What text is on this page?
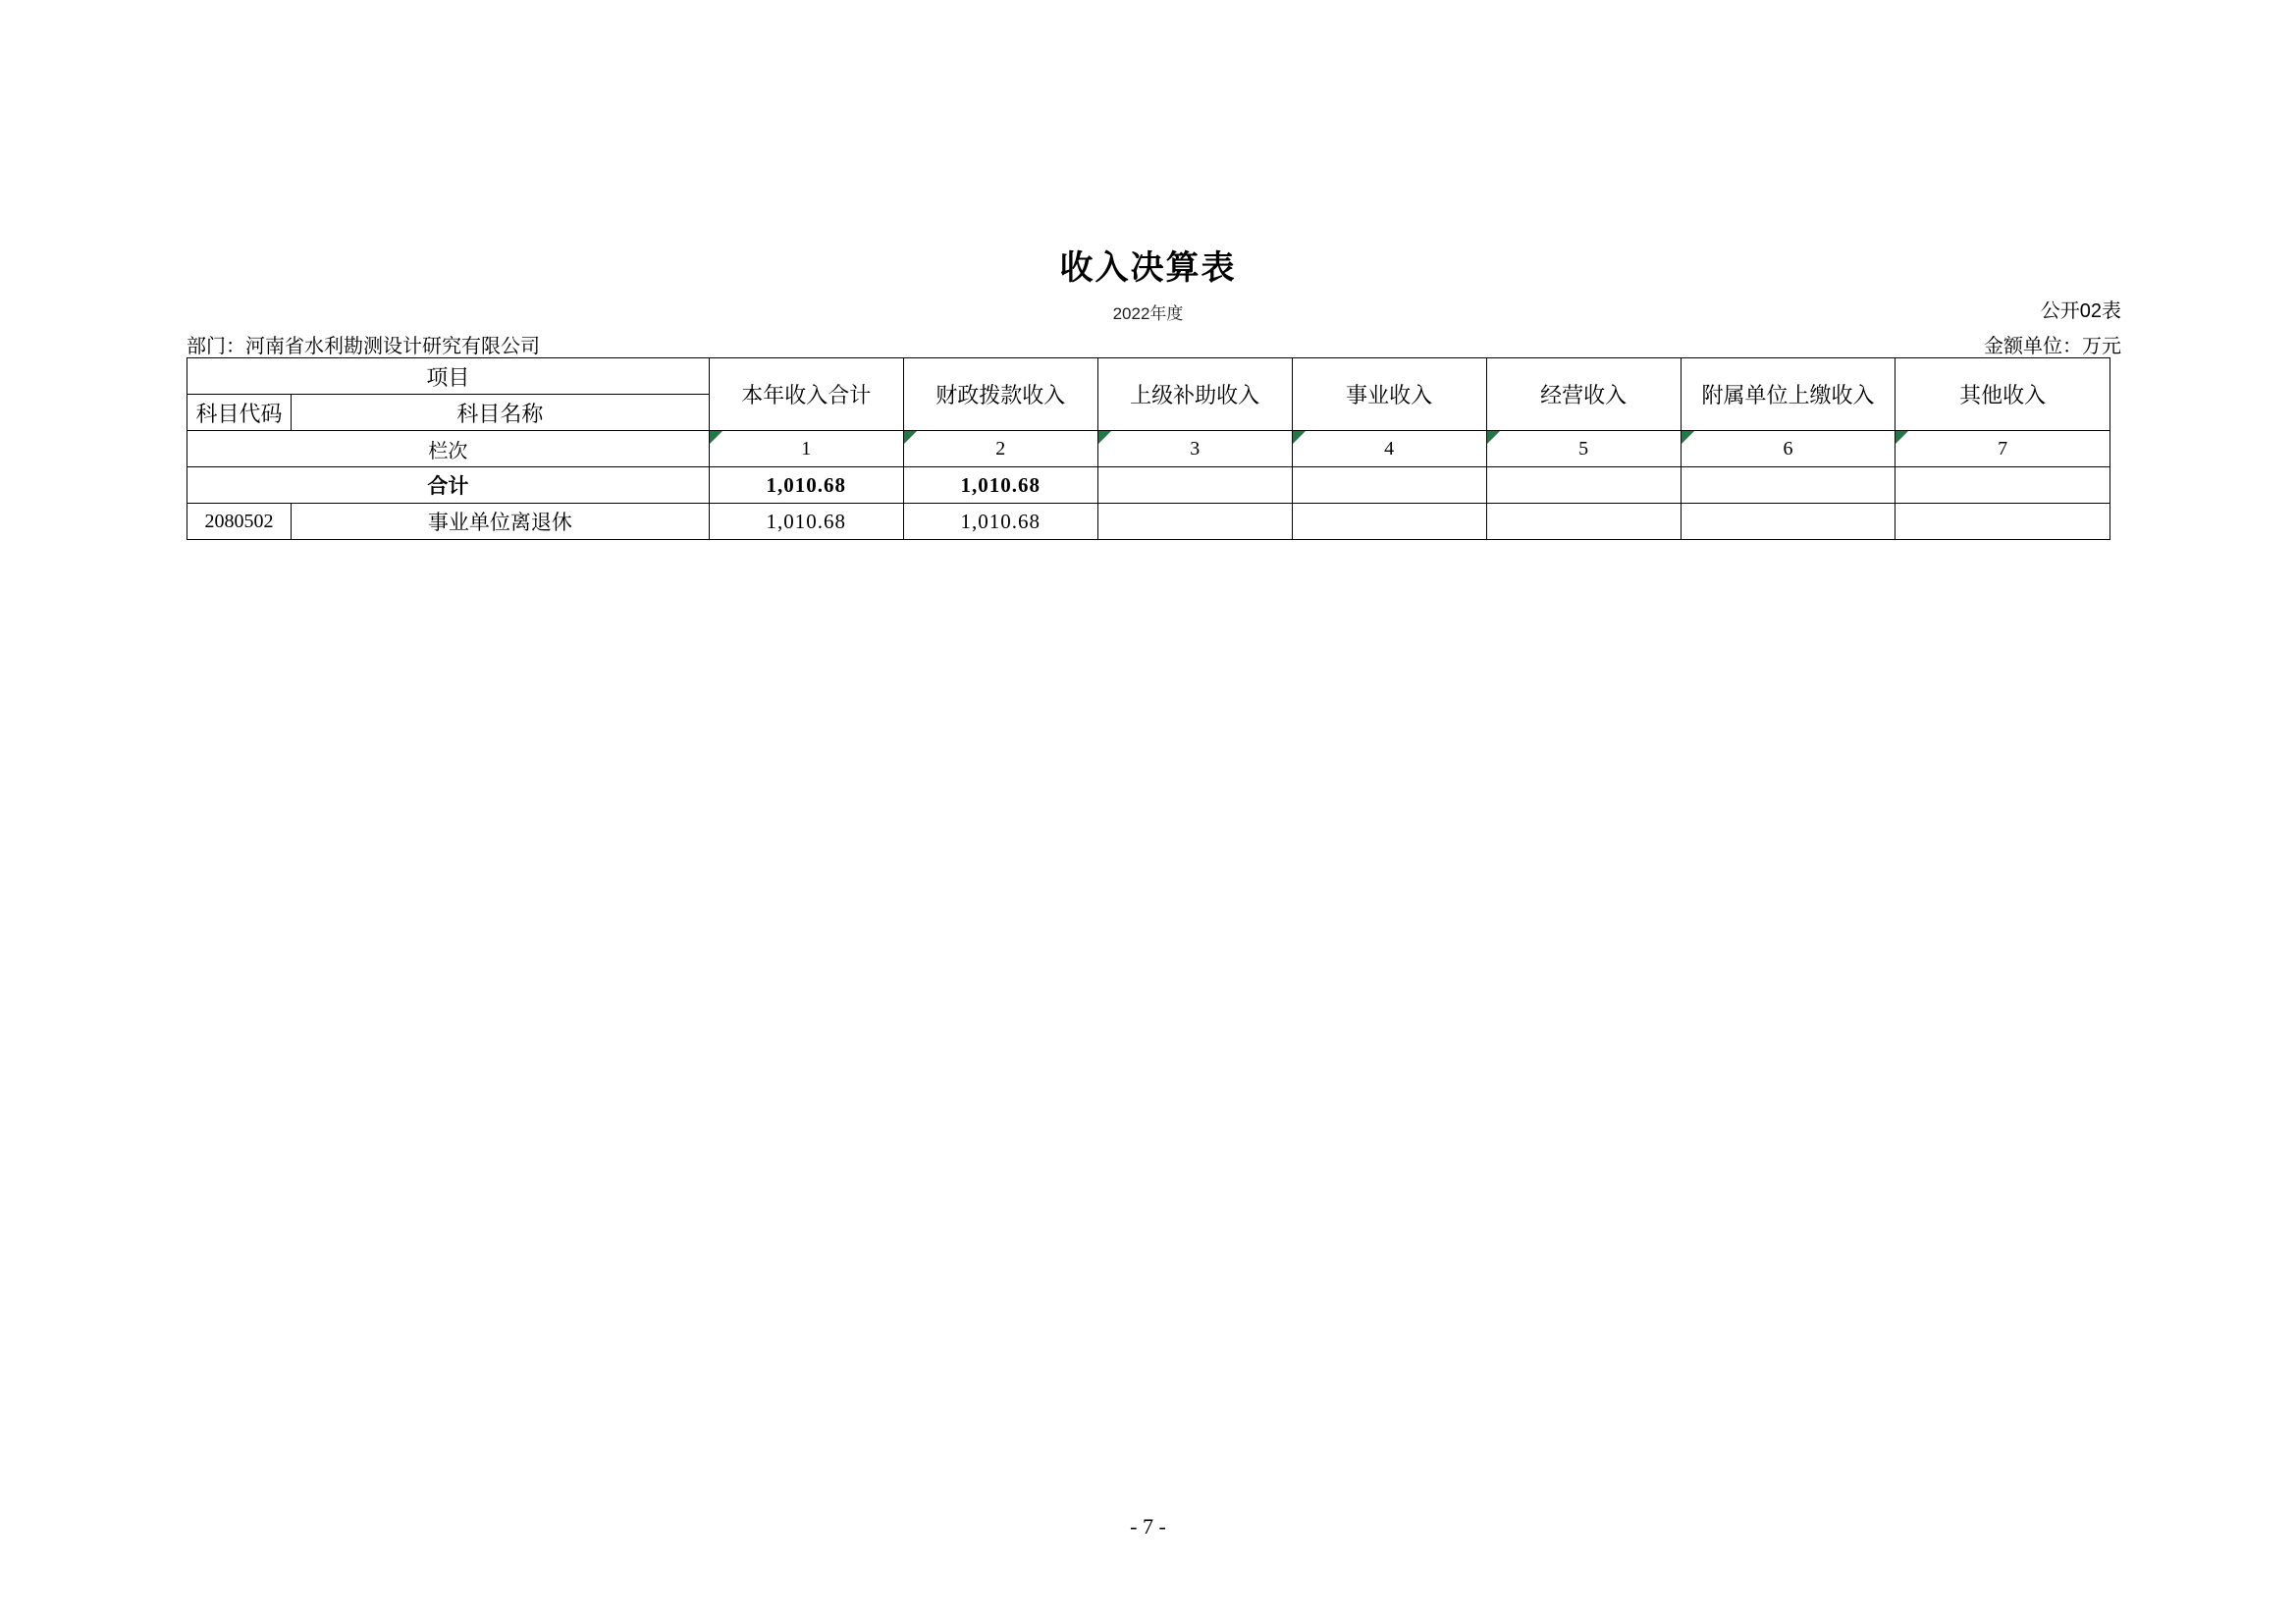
收入决算表
2022年度	公开02表
部门：河南省水利勘测设计研究有限公司	金额单位：万元
项目		本年收入合计	财政拨款收入	上级补助收入	事业收入	经营收入	附属单位上缴收入	其他收入
科目代码	科目名称							
栏次		1	2	3	4	5	6	7
合计		1,010.68	1,010.68					
2080502	事业单位离退休	1,010.68	1,010.68					
- 7 -
